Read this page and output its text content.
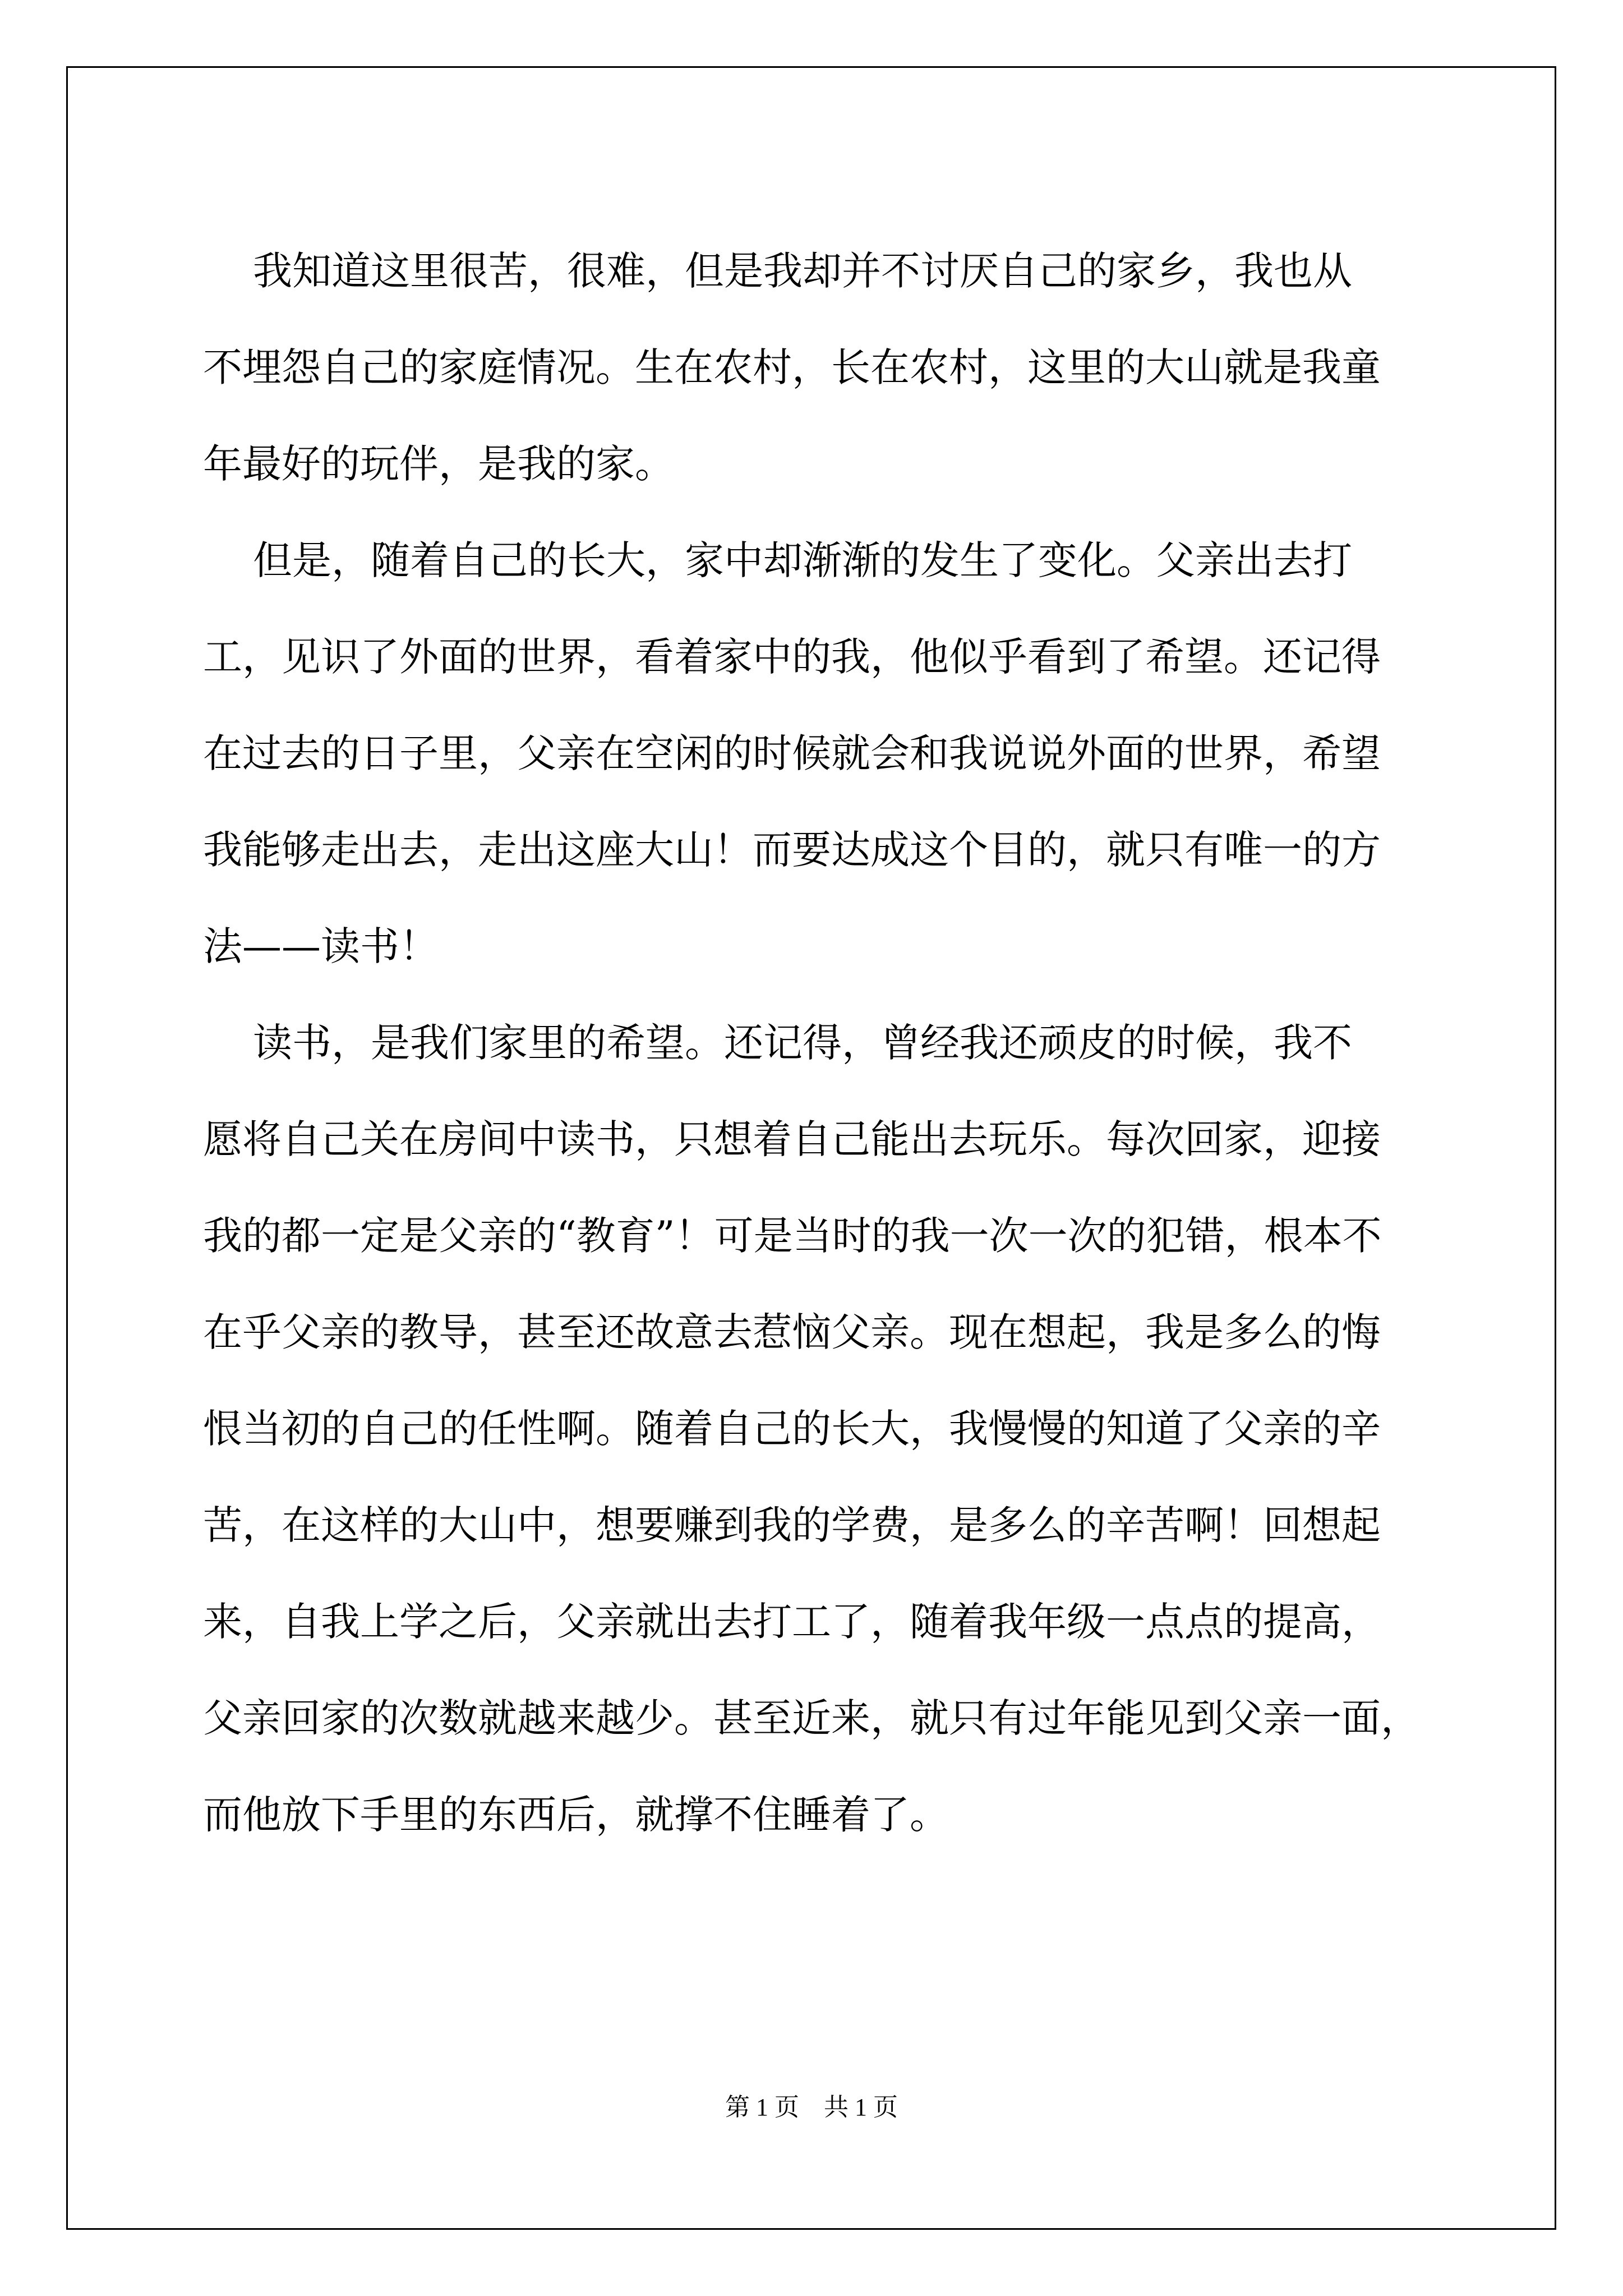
我知道这里很苦，很难，但是我却并不讨厌自己的家乡，我也从
不埋怨自己的家庭情况。生在农村，长在农村，这里的大山就是我童
年最好的玩伴，是我的家。
但是，随着自己的长大，家中却渐渐的发生了变化。父亲出去打
工，见识了外面的世界，看着家中的我，他似乎看到了希望。还记得
在过去的日子里，父亲在空闲的时候就会和我说说外面的世界，希望
我能够走出去，走出这座大山！而要达成这个目的，就只有唯一的方
法——读书！
读书，是我们家里的希望。还记得，曾经我还顽皮的时候，我不
愿将自己关在房间中读书，只想着自己能出去玩乐。每次回家，迎接
我的都一定是父亲的“教育”！可是当时的我一次一次的犯错，根本不
在乎父亲的教导，甚至还故意去惹恼父亲。现在想起，我是多么的悔
恨当初的自己的任性啊。随着自己的长大，我慢慢的知道了父亲的辛
苦，在这样的大山中，想要赚到我的学费，是多么的辛苦啊！回想起
来，自我上学之后，父亲就出去打工了，随着我年级一点点的提高，
父亲回家的次数就越来越少。甚至近来，就只有过年能见到父亲一面，
而他放下手里的东西后，就撑不住睡着了。
第 1 页    共 1 页
